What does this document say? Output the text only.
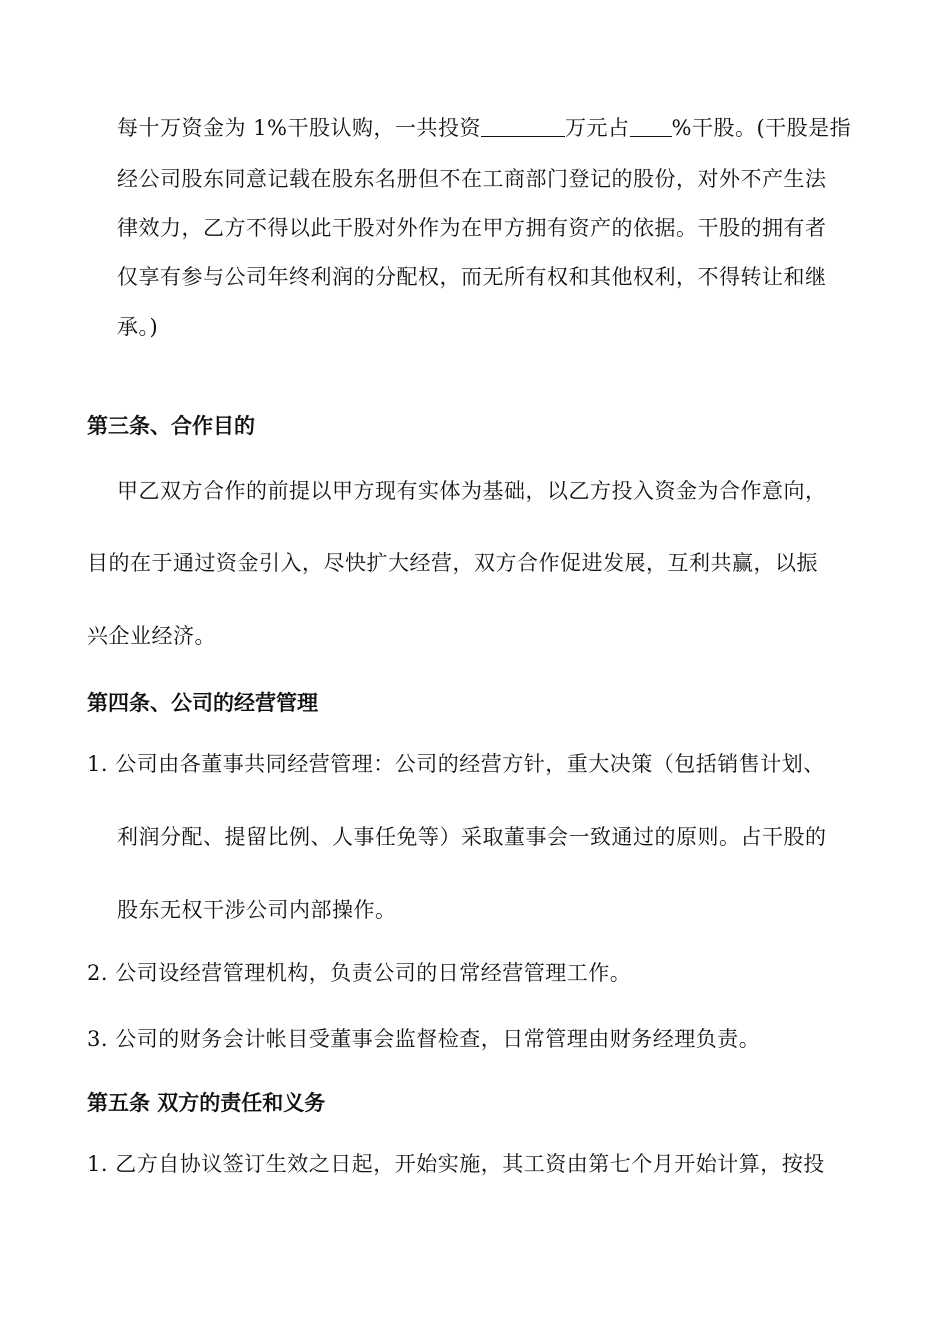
每十万资金为 1%干股认购，一共投资	万元占 %干股。(干股是指
经公司股东同意记载在股东名册但不在工商部门登记的股份，对外不产生法
律效力，乙方不得以此干股对外作为在甲方拥有资产的依据。干股的拥有者
仅享有参与公司年终利润的分配权，而无所有权和其他权利，不得转让和继
承。)
第三条、合作目的
甲乙双方合作的前提以甲方现有实体为基础，以乙方投入资金为合作意向，
目的在于通过资金引入，尽快扩大经营，双方合作促进发展，互利共赢，以振
兴企业经济。
第四条、公司的经营管理
1. 公司由各董事共同经营管理：公司的经营方针，重大决策（包括销售计划、
利润分配、提留比例、人事任免等）采取董事会一致通过的原则。占干股的
股东无权干涉公司内部操作。
2. 公司设经营管理机构，负责公司的日常经营管理工作。
3. 公司的财务会计帐目受董事会监督检查，日常管理由财务经理负责。
第五条 双方的责任和义务
1. 乙方自协议签订生效之日起，开始实施，其工资由第七个月开始计算，按投
